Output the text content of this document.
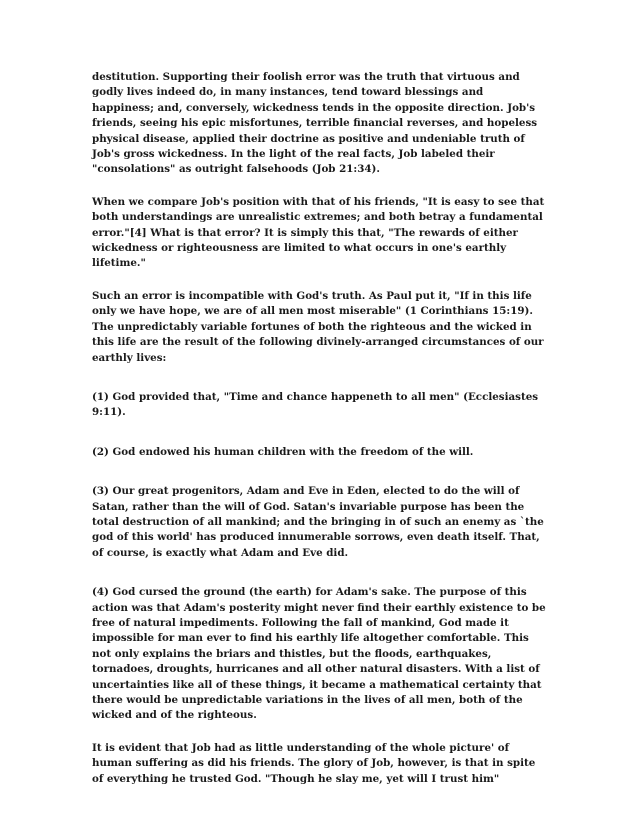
destitution. Supporting their foolish error was the truth that virtuous and godly lives indeed do, in many instances, tend toward blessings and happiness; and, conversely, wickedness tends in the opposite direction. Job's friends, seeing his epic misfortunes, terrible financial reverses, and hopeless physical disease, applied their doctrine as positive and undeniable truth of Job's gross wickedness. In the light of the real facts, Job labeled their "consolations" as outright falsehoods (Job 21:34).

When we compare Job's position with that of his friends, "It is easy to see that both understandings are unrealistic extremes; and both betray a fundamental error."[4] What is that error? It is simply this that, "The rewards of either wickedness or righteousness are limited to what occurs in one's earthly lifetime."

Such an error is incompatible with God's truth. As Paul put it, "If in this life only we have hope, we are of all men most miserable" (1 Corinthians 15:19). The unpredictably variable fortunes of both the righteous and the wicked in this life are the result of the following divinely-arranged circumstances of our earthly lives:

(1) God provided that, "Time and chance happeneth to all men" (Ecclesiastes 9:11).

(2) God endowed his human children with the freedom of the will.

(3) Our great progenitors, Adam and Eve in Eden, elected to do the will of Satan, rather than the will of God. Satan's invariable purpose has been the total destruction of all mankind; and the bringing in of such an enemy as `the god of this world' has produced innumerable sorrows, even death itself. That, of course, is exactly what Adam and Eve did.

(4) God cursed the ground (the earth) for Adam's sake. The purpose of this action was that Adam's posterity might never find their earthly existence to be free of natural impediments. Following the fall of mankind, God made it impossible for man ever to find his earthly life altogether comfortable. This not only explains the briars and thistles, but the floods, earthquakes, tornadoes, droughts, hurricanes and all other natural disasters. With a list of uncertainties like all of these things, it became a mathematical certainty that there would be unpredictable variations in the lives of all men, both of the wicked and of the righteous.

It is evident that Job had as little understanding of the whole picture' of human suffering as did his friends. The glory of Job, however, is that in spite of everything he trusted God. "Though he slay me, yet will I trust him"
